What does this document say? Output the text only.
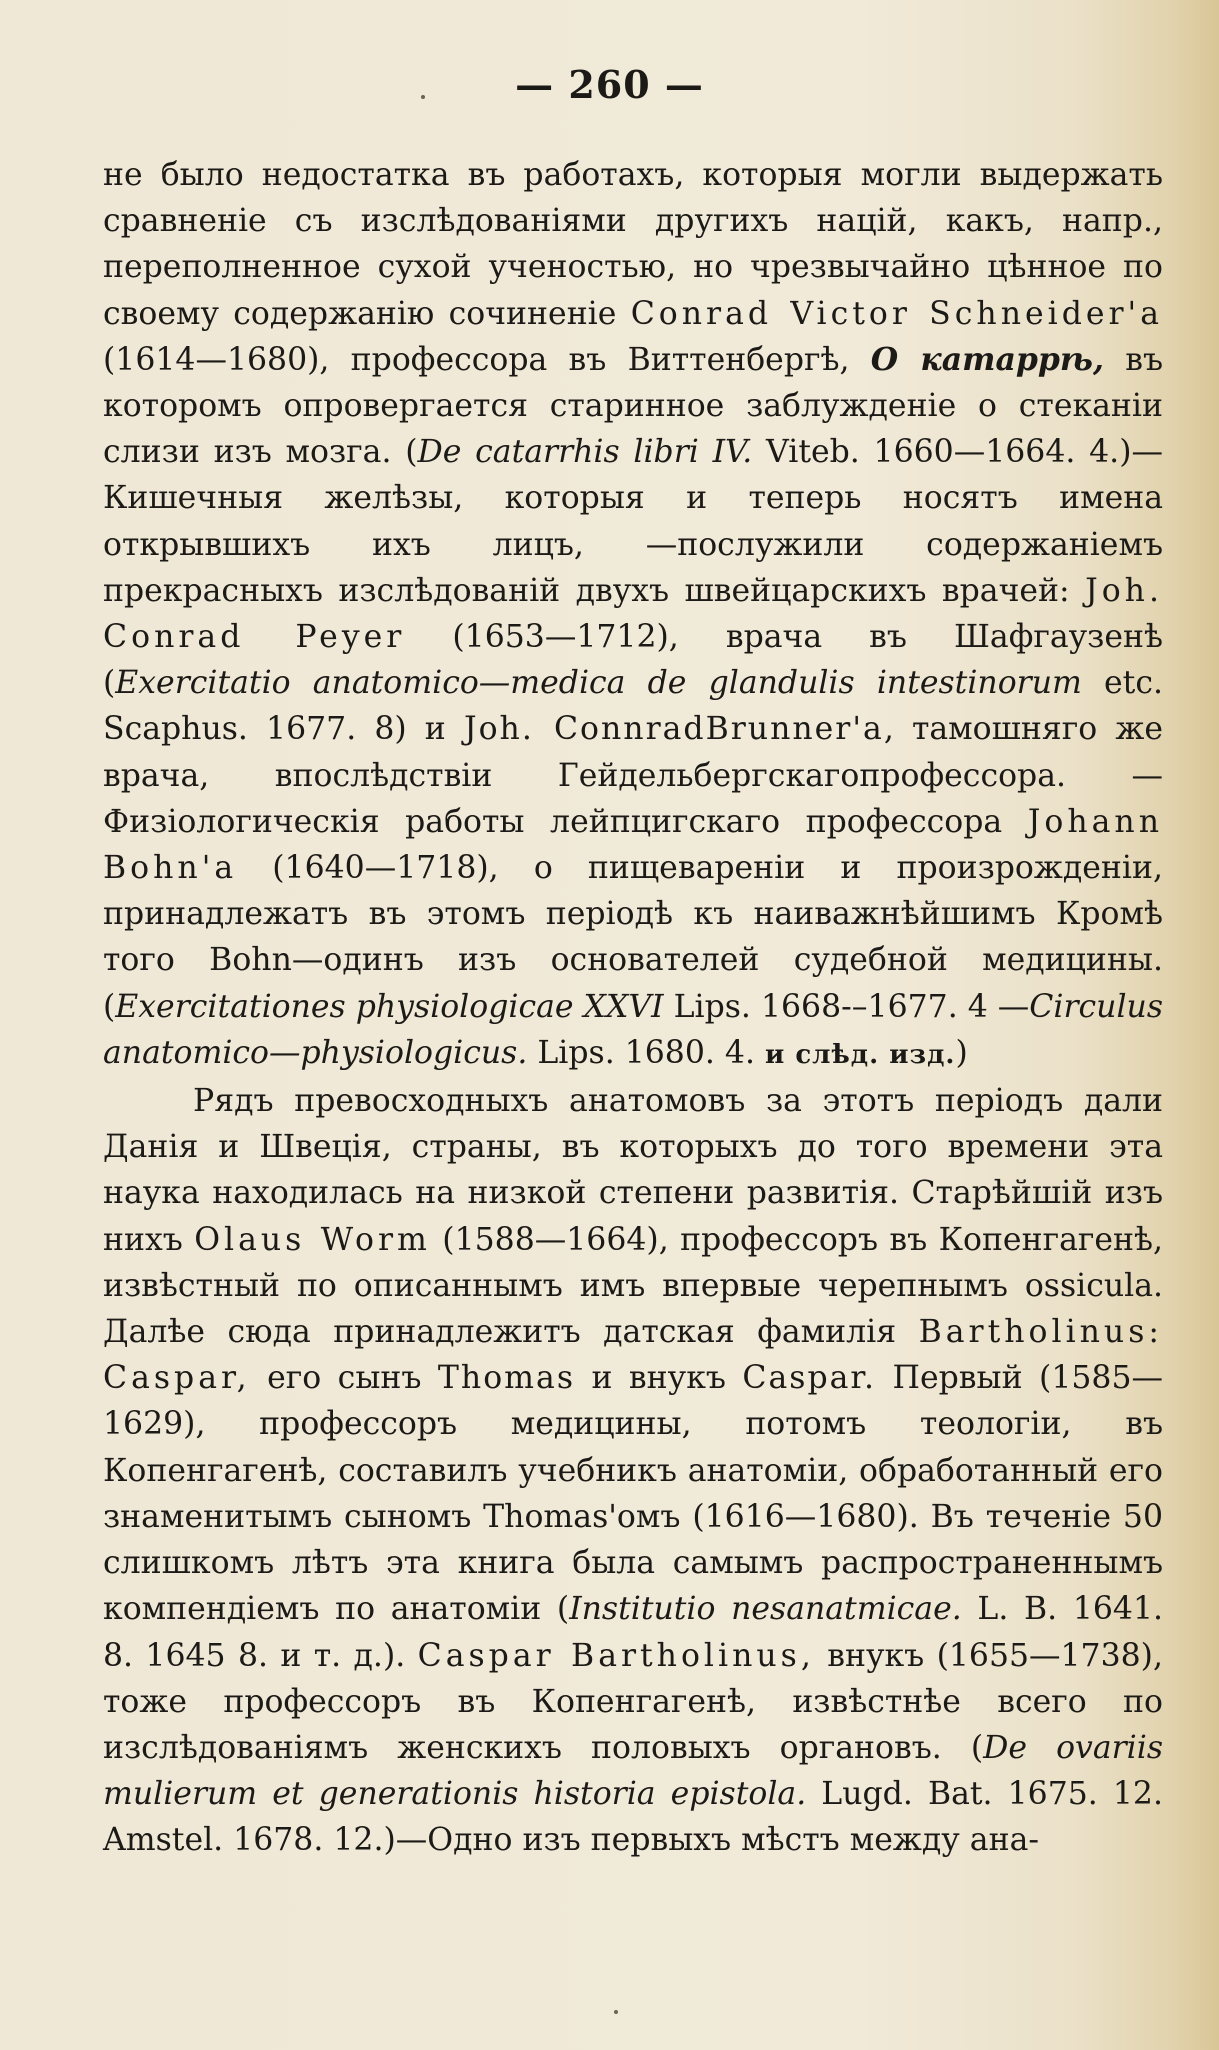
— 260 —

не было недостатка въ работахъ, которыя могли выдержать сравненіе съ изслѣдованіями другихъ націй, какъ, напр., переполненное сухой ученостью, но чрезвычайно цѣнное по своему содержанію сочиненіе Conrad Victor Schneider'a (1614—1680), профессора въ Виттенбергѣ, О катаррѣ, въ которомъ опровергается старинное заблужденіе о стеканіи слизи изъ мозга. (De catarrhis libri IV. Viteb. 1660—1664. 4.)— Кишечныя желѣзы, которыя и теперь носятъ имена открывшихъ ихъ лицъ, —послужили содержаніемъ прекрасныхъ изслѣдованій двухъ швейцарскихъ врачей: Joh. Conrad Peyer (1653—1712), врача въ Шафгаузенѣ (Exercitatio anatomico—medica de glandulis intestinorum etc. Scaphus. 1677. 8) и Joh. ConnradBrunner'a, тамошняго же врача, впослѣдствіи Гейдельбергскагопрофессора. — Физіологическія работы лейпцигскаго профессора Johann Bohn'a (1640—1718), о пищевареніи и произрожденіи, принадлежатъ въ этомъ періодѣ къ наиважнѣйшимъ Кромѣ того Bohn—одинъ изъ основателей судебной медицины. (Exercitationes physiologicae XXVI Lips. 1668-–1677. 4 —Circulus anatomico—physiologicus. Lips. 1680. 4. и слѣд. изд.)

Рядъ превосходныхъ анатомовъ за этотъ періодъ дали Данія и Швеція, страны, въ которыхъ до того времени эта наука находилась на низкой степени развитія. Старѣйшій изъ нихъ Olaus Worm (1588—1664), профессоръ въ Копенгагенѣ, извѣстный по описаннымъ имъ впервые черепнымъ ossicula. Далѣе сюда принадлежитъ датская фамилія Bartholinus: Caspar, его сынъ Thomas и внукъ Caspar. Первый (1585—1629), профессоръ медицины, потомъ теологіи, въ Копенгагенѣ, составилъ учебникъ анатоміи, обработанный его знаменитымъ сыномъ Thomas'омъ (1616—1680). Въ теченіе 50 слишкомъ лѣтъ эта книга была самымъ распространеннымъ компендіемъ по анатоміи (Institutio nesanatmicae. L. B. 1641. 8. 1645 8. и т. д.). Caspar Bartholinus, внукъ (1655—1738), тоже профессоръ въ Копенгагенѣ, извѣстнѣе всего по изслѣдованіямъ женскихъ половыхъ органовъ. (De ovariis mulierum et generationis historia epistola. Lugd. Bat. 1675. 12. Amstel. 1678. 12.)—Одно изъ первыхъ мѣстъ между ана-
